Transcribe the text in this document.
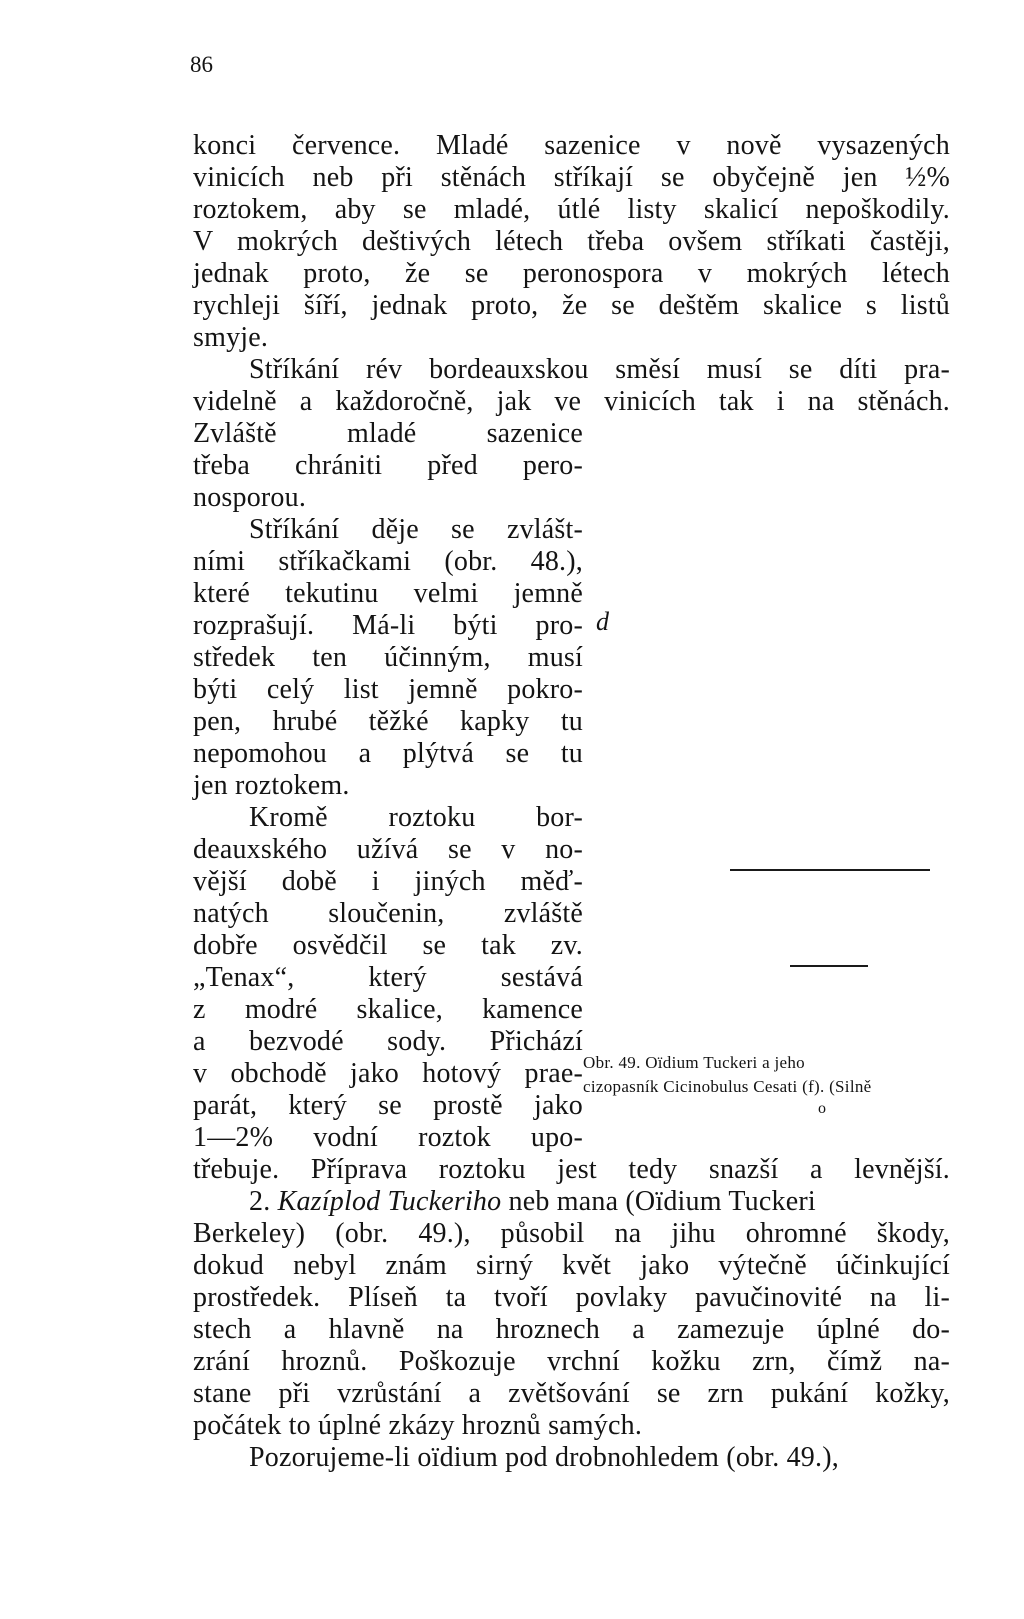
86
konci července. Mladé sazenice v nově vysazených
vinicích neb při stěnách stříkají se obyčejně jen ½%
roztokem, aby se mladé, útlé listy skalicí nepoškodily.
V mokrých deštivých létech třeba ovšem stříkati častěji,
jednak proto, že se peronospora v mokrých létech
rychleji šíří, jednak proto, že se deštěm skalice s listů
smyje.
Stříkání rév bordeauxskou směsí musí se díti pra-
videlně a každoročně, jak ve vinicích tak i na stěnách.
Zvláště mladé sazenice
třeba chrániti před pero-
nosporou.
Stříkání děje se zvlášt-
ními stříkačkami (obr. 48.),
které tekutinu velmi jemně
rozprašují. Má-li býti pro-
středek ten účinným, musí
býti celý list jemně pokro-
pen, hrubé těžké kapky tu
nepomohou a plýtvá se tu
jen roztokem.
Kromě roztoku bor-
deauxského užívá se v no-
vější době i jiných měď-
natých sloučenin, zvláště
dobře osvědčil se tak zv.
„Tenax“, který sestává
z modré skalice, kamence
a bezvodé sody. Přichází
v obchodě jako hotový prae-
parát, který se prostě jako
1—2% vodní roztok upo-
třebuje. Příprava roztoku jest tedy snazší a levnější.
2. Kazíplod Tuckeriho neb mana (Oïdium Tuckeri
Berkeley) (obr. 49.), působil na jihu ohromné škody,
dokud nebyl znám sirný květ jako výtečně účinkující
prostředek. Plíseň ta tvoří povlaky pavučinovité na li-
stech a hlavně na hroznech a zamezuje úplné do-
zrání hroznů. Poškozuje vrchní kožku zrn, čímž na-
stane při vzrůstání a zvětšování se zrn pukání kožky,
počátek to úplné zkázy hroznů samých.
Pozorujeme-li oïdium pod drobnohledem (obr. 49.),
d
Obr. 49. Oïdium Tuckeri a jeho
cizopasník Cicinobulus Cesati (f). (Silně
o
